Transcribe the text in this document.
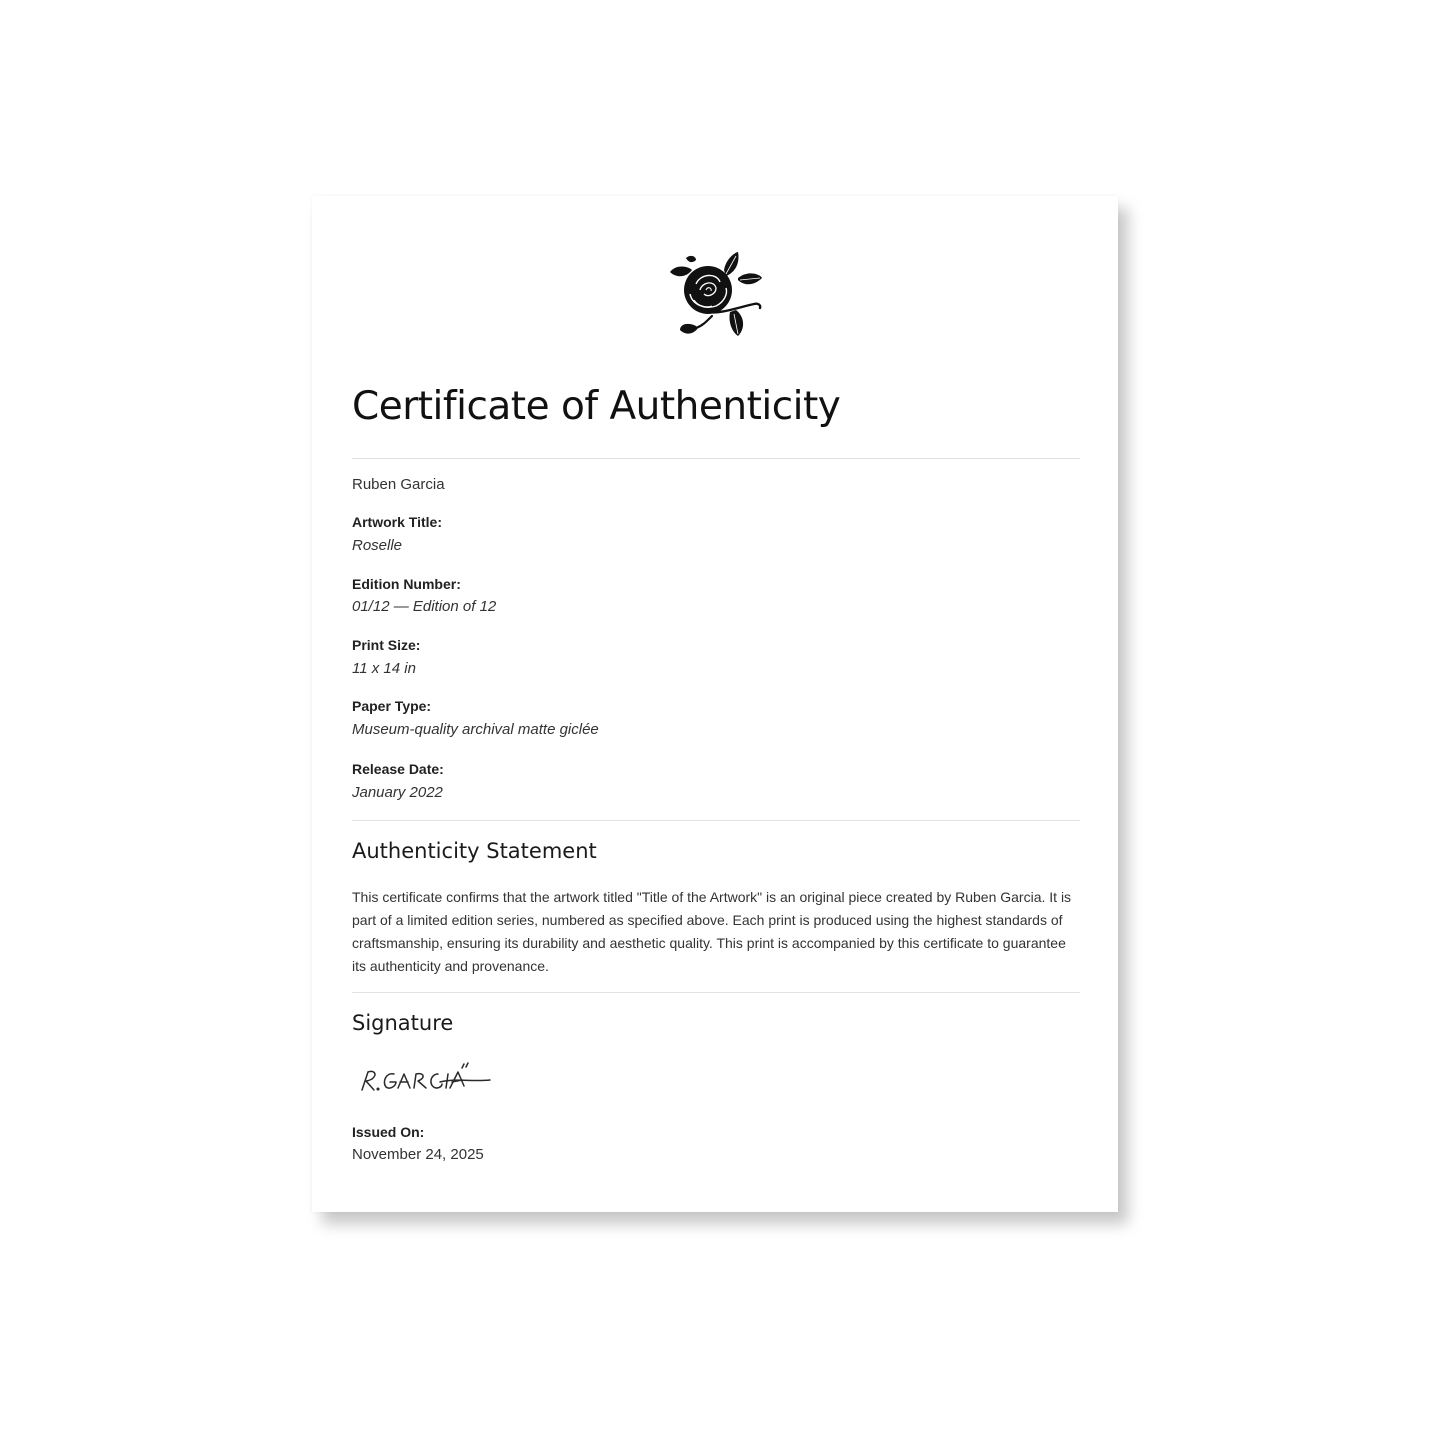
Certificate of Authenticity
Ruben Garcia
Artwork Title:
Roselle
Edition Number:
01/12 — Edition of 12
Print Size:
11 x 14 in
Paper Type:
Museum-quality archival matte giclée
Release Date:
January 2022
Authenticity Statement

This certificate confirms that the artwork titled "Title of the Artwork" is an original piece created by Ruben Garcia. It is part of a limited edition series, numbered as specified above. Each print is produced using the highest standards of craftsmanship, ensuring its durability and aesthetic quality. This print is accompanied by this certificate to guarantee its authenticity and provenance.

Signature
Issued On:
November 24, 2025
